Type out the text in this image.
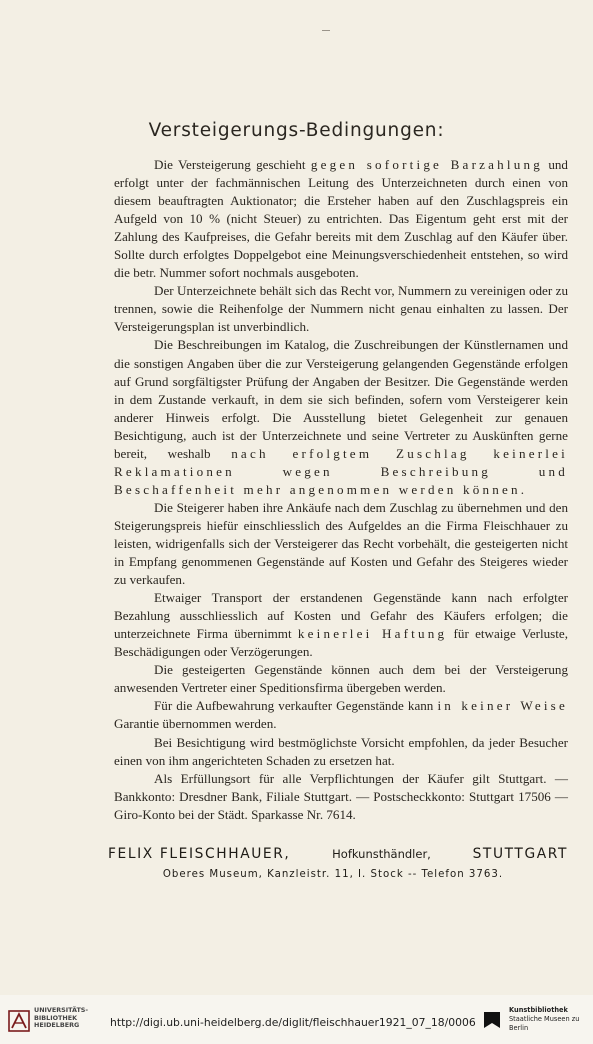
Versteigerungs-Bedingungen:

Die Versteigerung geschieht gegen sofortige Barzahlung und erfolgt unter der fachmännischen Leitung des Unterzeichneten durch einen von diesem beauftragten Auktionator; die Ersteher haben auf den Zuschlagspreis ein Aufgeld von 10 % (nicht Steuer) zu entrichten. Das Eigentum geht erst mit der Zahlung des Kaufpreises, die Gefahr bereits mit dem Zuschlag auf den Käufer über. Sollte durch erfolgtes Doppelgebot eine Meinungsverschiedenheit entstehen, so wird die betr. Nummer sofort nochmals ausgeboten.

Der Unterzeichnete behält sich das Recht vor, Nummern zu vereinigen oder zu trennen, sowie die Reihenfolge der Nummern nicht genau einhalten zu lassen. Der Versteigerungsplan ist unverbindlich.

Die Beschreibungen im Katalog, die Zuschreibungen der Künstlernamen und die sonstigen Angaben über die zur Versteigerung gelangenden Gegenstände erfolgen auf Grund sorgfältigster Prüfung der Angaben der Besitzer. Die Gegenstände werden in dem Zustande verkauft, in dem sie sich befinden, sofern vom Versteigerer kein anderer Hinweis erfolgt. Die Ausstellung bietet Gelegenheit zur genauen Besichtigung, auch ist der Unterzeichnete und seine Vertreter zu Auskünften gerne bereit, weshalb nach erfolgtem Zuschlag keinerlei Reklamationen wegen Beschreibung und Beschaffenheit mehr angenommen werden können.

Die Steigerer haben ihre Ankäufe nach dem Zuschlag zu übernehmen und den Steigerungspreis hiefür einschliesslich des Aufgeldes an die Firma Fleischhauer zu leisten, widrigenfalls sich der Versteigerer das Recht vorbehält, die gesteigerten nicht in Empfang genommenen Gegenstände auf Kosten und Gefahr des Steigeres wieder zu verkaufen.

Etwaiger Transport der erstandenen Gegenstände kann nach erfolgter Bezahlung ausschliesslich auf Kosten und Gefahr des Käufers erfolgen; die unterzeichnete Firma übernimmt keinerlei Haftung für etwaige Verluste, Beschädigungen oder Verzögerungen.

Die gesteigerten Gegenstände können auch dem bei der Versteigerung anwesenden Vertreter einer Speditionsfirma übergeben werden.

Für die Aufbewahrung verkaufter Gegenstände kann in keiner Weise Garantie übernommen werden.

Bei Besichtigung wird bestmöglichste Vorsicht empfohlen, da jeder Besucher einen von ihm angerichteten Schaden zu ersetzen hat.

Als Erfüllungsort für alle Verpflichtungen der Käufer gilt Stuttgart. — Bankkonto: Dresdner Bank, Filiale Stuttgart. — Postscheckkonto: Stuttgart 17506 — Giro-Konto bei der Städt. Sparkasse Nr. 7614.

FELIX FLEISCHHAUER,	Hofkunsthändler,	STUTTGART
Oberes Museum, Kanzleistr. 11, I. Stock -- Telefon 3763.
UNIVERSITÄTS-
BIBLIOTHEK
HEIDELBERG	http://digi.ub.uni-heidelberg.de/diglit/fleischhauer1921_07_18/0006
Kunstbibliothek
Staatliche Museen zu Berlin
